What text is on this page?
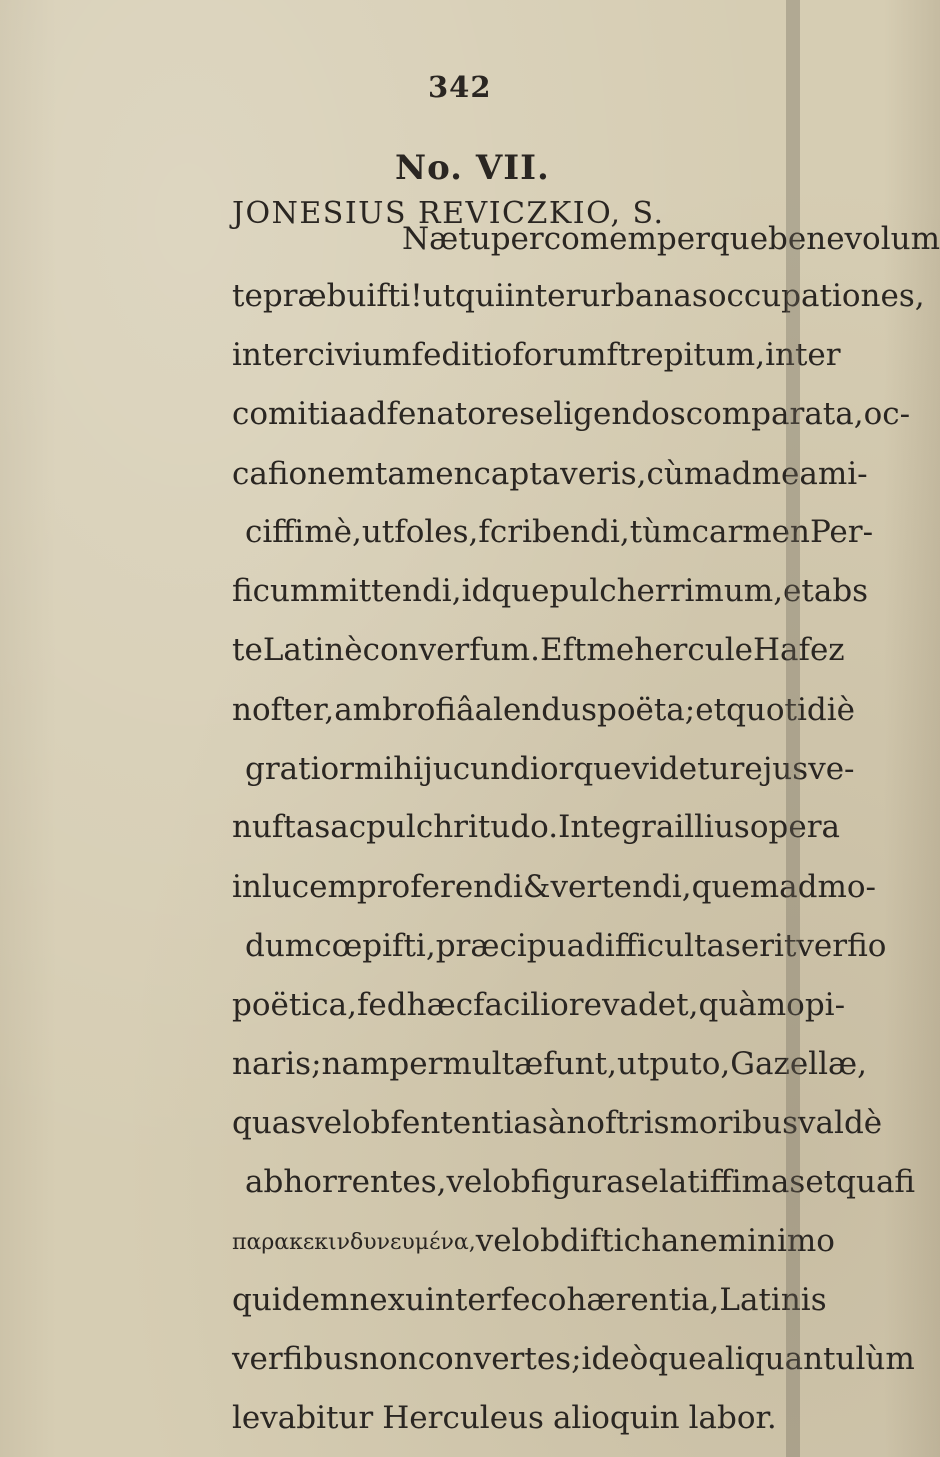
342
No. VII.
JONESIUS REVICZKIO, S.
Næ tu percomem perque benevolum
te præbuifti ! ut qui inter urbanas occupationes,
inter civium feditioforum ftrepitum, inter
comitia ad fenatores eligendos comparata, oc-
cafionem tamen captaveris, cùm ad me ami-
ciffimè, ut foles, fcribendi, tùm carmen Per-
ficum mittendi, idque pulcherrimum, et abs
te Latinè converfum. Eft mehercule Hafez
nofter, ambrofiâ alendus poëta; et quotidiè
gratior mihi jucundiorque videtur ejus ve-
nuftas ac pulchritudo. Integra illius opera
in lucem proferendi & vertendi, quemadmo-
dum cœpifti, præcipua difficultas erit verfio
poëtica, fed hæc facilior evadet, quàm opi-
naris; nam permultæ funt, ut puto, Gazellæ,
quas vel ob fententias à noftris moribus valdè
abhorrentes, vel ob figuras elatiffimas et quafi
παρακεκινδυνευμένα, vel ob difticha ne minimo
quidem nexu inter fe cohærentia, Latinis
verfibus non convertes ; ideòque aliquantulùm
levabitur Herculeus alioquin labor.
